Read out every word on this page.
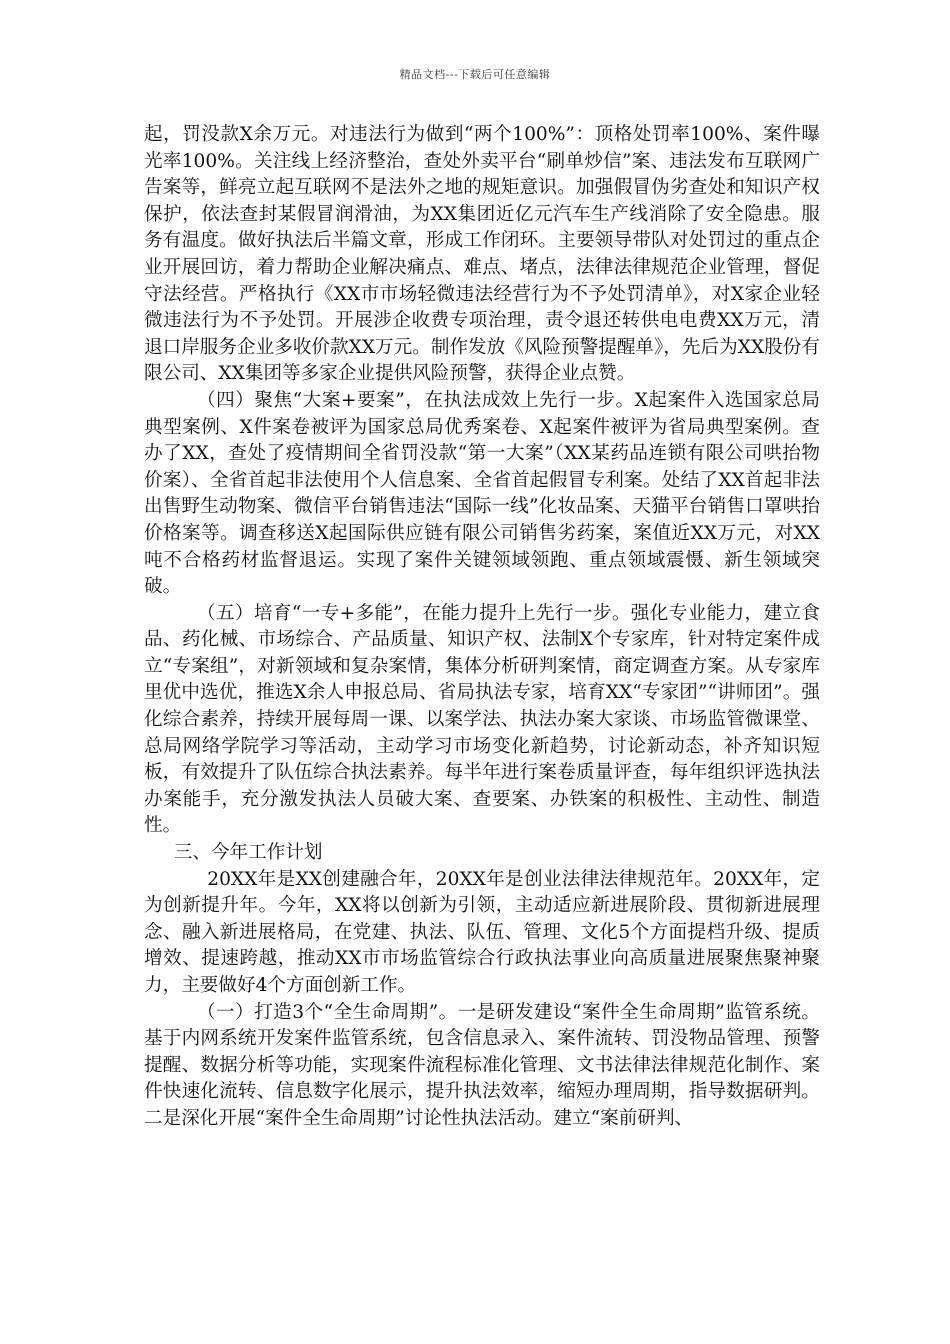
精品文档---下载后可任意编辑

起，罚没款X余万元。对违法行为做到“两个100%”：顶格处罚率100%、案件曝光率100%。关注线上经济整治，查处外卖平台“刷单炒信”案、违法发布互联网广告案等，鲜亮立起互联网不是法外之地的规矩意识。加强假冒伪劣查处和知识产权保护，依法查封某假冒润滑油，为XX集团近亿元汽车生产线消除了安全隐患。服务有温度。做好执法后半篇文章，形成工作闭环。主要领导带队对处罚过的重点企业开展回访，着力帮助企业解决痛点、难点、堵点，法律法律规范企业管理，督促守法经营。严格执行《XX市市场轻微违法经营行为不予处罚清单》，对X家企业轻微违法行为不予处罚。开展涉企收费专项治理，责令退还转供电电费XX万元，清退口岸服务企业多收价款XX万元。制作发放《风险预警提醒单》，先后为XX股份有限公司、XX集团等多家企业提供风险预警，获得企业点赞。

（四）聚焦“大案+要案”，在执法成效上先行一步。X起案件入选国家总局典型案例、X件案卷被评为国家总局优秀案卷、X起案件被评为省局典型案例。查办了XX，查处了疫情期间全省罚没款“第一大案”（XX某药品连锁有限公司哄抬物价案）、全省首起非法使用个人信息案、全省首起假冒专利案。处结了XX首起非法出售野生动物案、微信平台销售违法“国际一线”化妆品案、天猫平台销售口罩哄抬价格案等。调查移送X起国际供应链有限公司销售劣药案，案值近XX万元，对XX吨不合格药材监督退运。实现了案件关键领域领跑、重点领域震慑、新生领域突破。

（五）培育“一专+多能”，在能力提升上先行一步。强化专业能力，建立食品、药化械、市场综合、产品质量、知识产权、法制X个专家库，针对特定案件成立“专案组”，对新领域和复杂案情，集体分析研判案情，商定调查方案。从专家库里优中选优，推选X余人申报总局、省局执法专家，培育XX“专家团”“讲师团”。强化综合素养，持续开展每周一课、以案学法、执法办案大家谈、市场监管微课堂、总局网络学院学习等活动，主动学习市场变化新趋势，讨论新动态，补齐知识短板，有效提升了队伍综合执法素养。每半年进行案卷质量评查，每年组织评选执法办案能手，充分激发执法人员破大案、查要案、办铁案的积极性、主动性、制造性。

三、今年工作计划

20XX年是XX创建融合年，20XX年是创业法律法律规范年。20XX年，定为创新提升年。今年，XX将以创新为引领，主动适应新进展阶段、贯彻新进展理念、融入新进展格局，在党建、执法、队伍、管理、文化5个方面提档升级、提质增效、提速跨越，推动XX市市场监管综合行政执法事业向高质量进展聚焦聚神聚力，主要做好4个方面创新工作。

（一）打造3个“全生命周期”。一是研发建设“案件全生命周期”监管系统。基于内网系统开发案件监管系统，包含信息录入、案件流转、罚没物品管理、预警提醒、数据分析等功能，实现案件流程标准化管理、文书法律法律规范化制作、案件快速化流转、信息数字化展示，提升执法效率，缩短办理周期，指导数据研判。二是深化开展“案件全生命周期”讨论性执法活动。建立“案前研判、
